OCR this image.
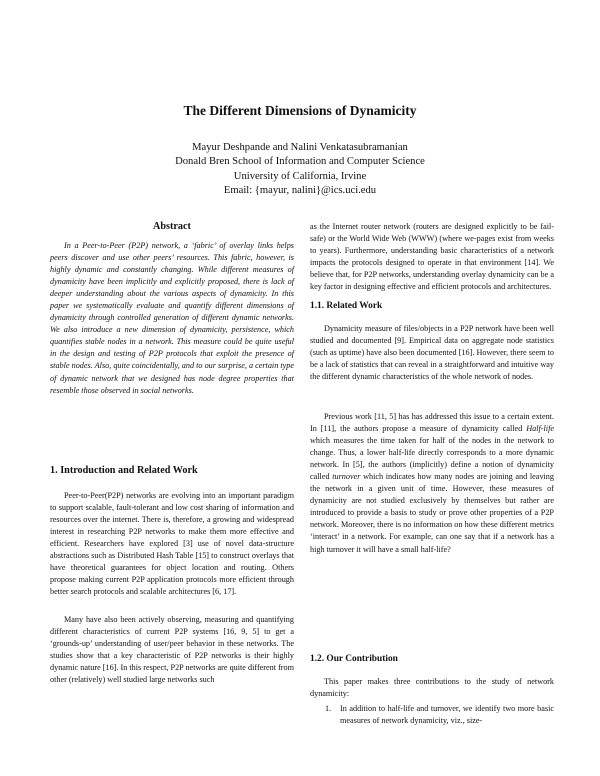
The Different Dimensions of Dynamicity
Mayur Deshpande and Nalini Venkatasubramanian
Donald Bren School of Information and Computer Science
University of California, Irvine
Email: {mayur, nalini}@ics.uci.edu
Abstract

In a Peer-to-Peer (P2P) network, a ‘fabric’ of overlay links helps peers discover and use other peers’ resources. This fabric, however, is highly dynamic and constantly changing. While different measures of dynamicity have been implicitly and explicitly proposed, there is lack of deeper understanding about the various aspects of dynamicity. In this paper we systematically evaluate and quantify different dimensions of dynamicity through controlled generation of different dynamic networks. We also introduce a new dimension of dynamicity, persistence, which quantifies stable nodes in a network. This measure could be quite useful in the design and testing of P2P protocols that exploit the presence of stable nodes. Also, quite coincidentally, and to our surprise, a certain type of dynamic network that we designed has node degree properties that resemble those observed in social networks.

1. Introduction and Related Work

Peer-to-Peer(P2P) networks are evolving into an important paradigm to support scalable, fault-tolerant and low cost sharing of information and resources over the internet. There is, therefore, a growing and widespread interest in researching P2P networks to make them more effective and efficient. Researchers have explored [3] use of novel data-structure abstractions such as Distributed Hash Table [15] to construct overlays that have theoretical guarantees for object location and routing. Others propose making current P2P application protocols more efficient through better search protocols and scalable architectures [6, 17].

Many have also been actively observing, measuring and quantifying different characteristics of current P2P systems [16, 9, 5] to get a ‘grounds-up’ understanding of user/peer behavior in these networks. The studies show that a key characteristic of P2P networks is their highly dynamic nature [16]. In this respect, P2P networks are quite different from other (relatively) well studied large networks such

as the Internet router network (routers are designed explicitly to be fail-safe) or the World Wide Web (WWW) (where we-pages exist from weeks to years). Furthermore, understanding basic characteristics of a network impacts the protocols designed to operate in that environment [14]. We believe that, for P2P networks, understanding overlay dynamicity can be a key factor in designing effective and efficient protocols and architectures.

1.1. Related Work

Dynamicity measure of files/objects in a P2P network have been well studied and documented [9]. Empirical data on aggregate node statistics (such as uptime) have also been documented [16]. However, there seem to be a lack of statistics that can reveal in a straightforward and intuitive way the different dynamic characteristics of the whole network of nodes.

Previous work [11, 5] has has addressed this issue to a certain extent. In [11], the authors propose a measure of dynamicity called Half-life which measures the time taken for half of the nodes in the network to change. Thus, a lower half-life directly corresponds to a more dynamic network. In [5], the authors (implicitly) define a notion of dynamicity called turnover which indicates how many nodes are joining and leaving the network in a given unit of time. However, these measures of dynamicity are not studied exclusively by themselves but rather are introduced to provide a basis to study or prove other properties of a P2P network. Moreover, there is no information on how these different metrics ‘interact’ in a network. For example, can one say that if a network has a high turnover it will have a small half-life?

1.2. Our Contribution

This paper makes three contributions to the study of network dynamicity:

1. In addition to half-life and turnover, we identify two more basic measures of network dynamicity, viz., size-
